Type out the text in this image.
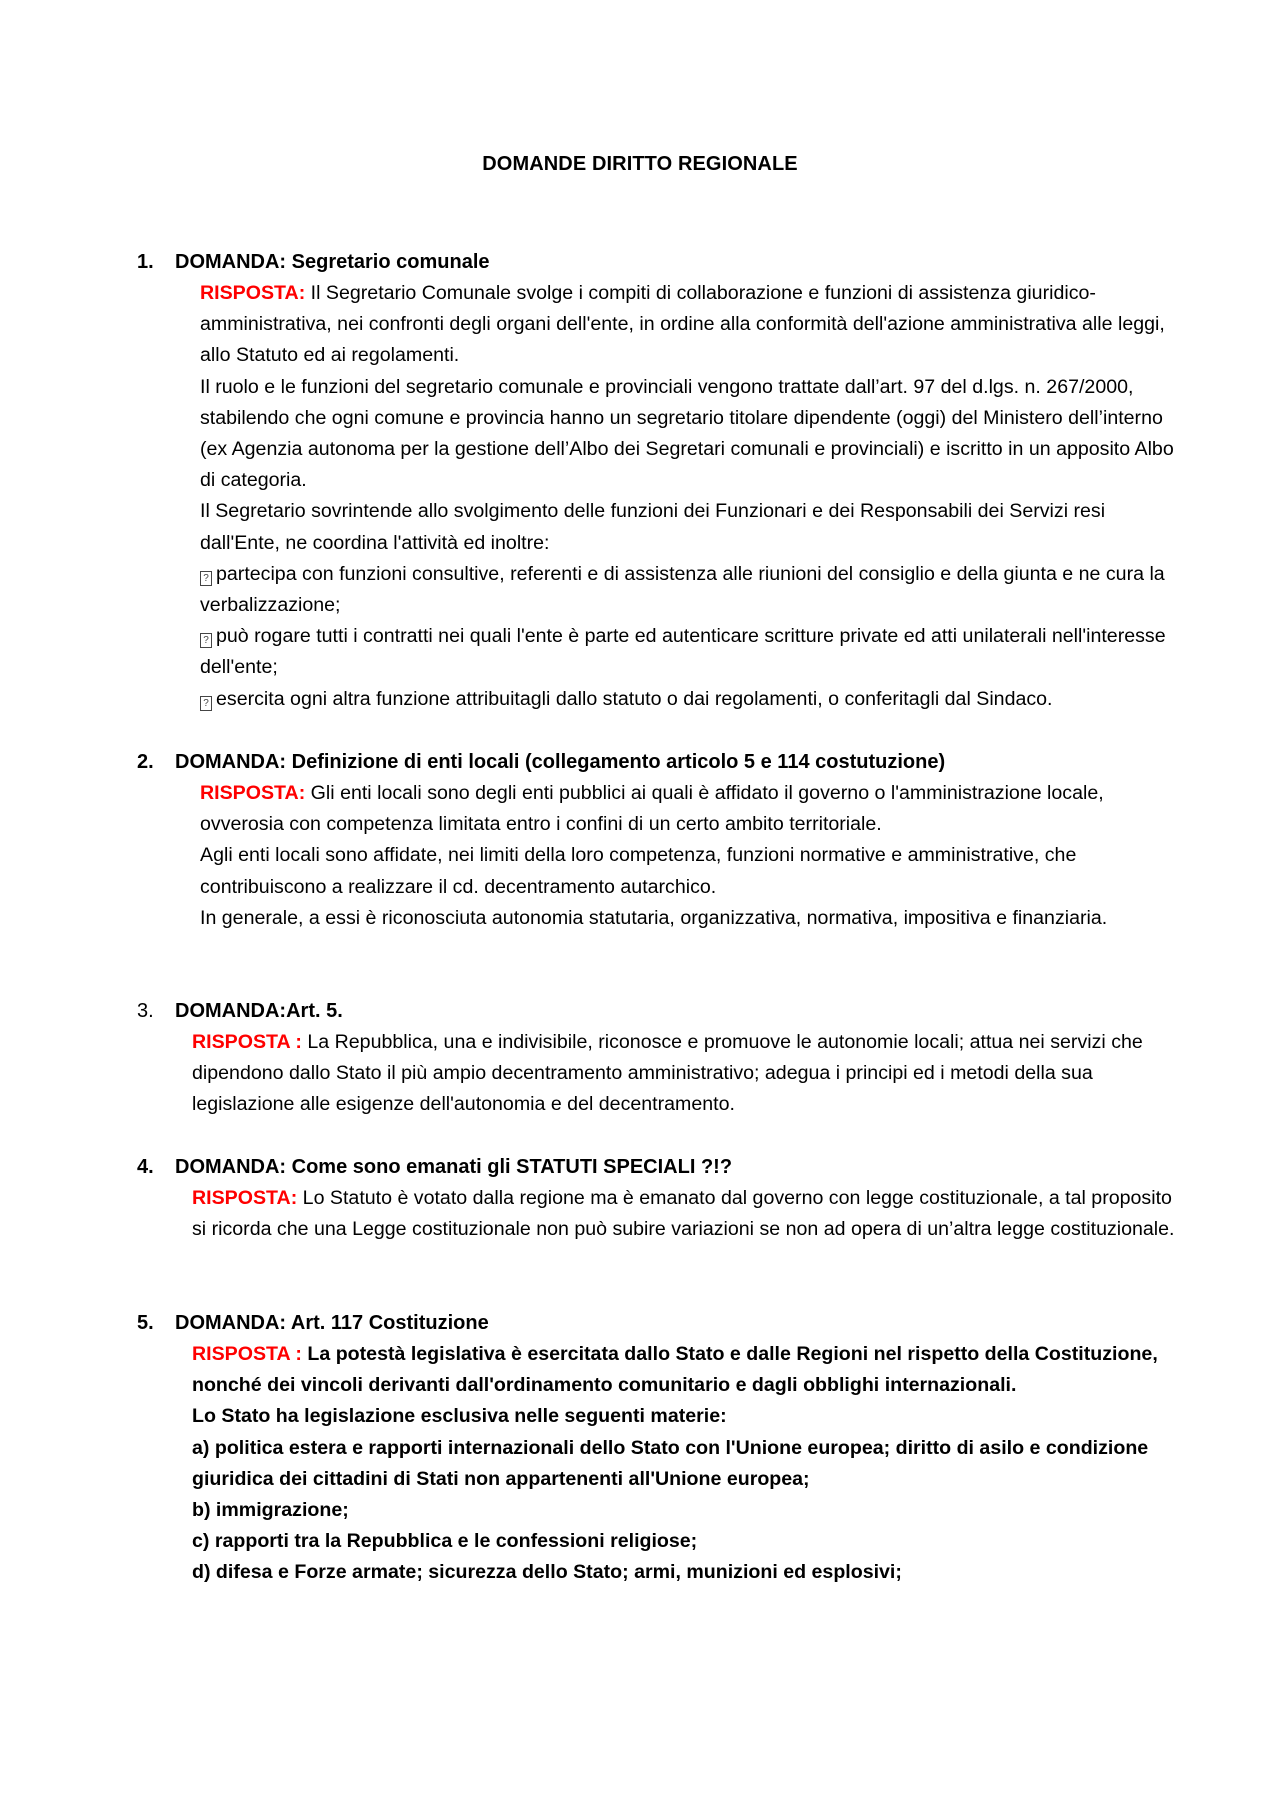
DOMANDE DIRITTO REGIONALE
1. DOMANDA: Segretario comunale

RISPOSTA: Il Segretario Comunale svolge i compiti di collaborazione e funzioni di assistenza giuridico-amministrativa, nei confronti degli organi dell'ente, in ordine alla conformità dell'azione amministrativa alle leggi, allo Statuto ed ai regolamenti.

Il ruolo e le funzioni del segretario comunale e provinciali vengono trattate dall’art. 97 del d.lgs. n. 267/2000, stabilendo che ogni comune e provincia hanno un segretario titolare dipendente (oggi) del Ministero dell’interno (ex Agenzia autonoma per la gestione dell’Albo dei Segretari comunali e provinciali) e iscritto in un apposito Albo di categoria.

Il Segretario sovrintende allo svolgimento delle funzioni dei Funzionari e dei Responsabili dei Servizi resi dall'Ente, ne coordina l'attività ed inoltre:

? partecipa con funzioni consultive, referenti e di assistenza alle riunioni del consiglio e della giunta e ne cura la verbalizzazione;

? può rogare tutti i contratti nei quali l'ente è parte ed autenticare scritture private ed atti unilaterali nell'interesse dell'ente;

? esercita ogni altra funzione attribuitagli dallo statuto o dai regolamenti, o conferitagli dal Sindaco.

2. DOMANDA: Definizione di enti locali (collegamento articolo 5 e 114 costutuzione)

RISPOSTA: Gli enti locali sono degli enti pubblici ai quali è affidato il governo o l'amministrazione locale, ovverosia con competenza limitata entro i confini di un certo ambito territoriale.

Agli enti locali sono affidate, nei limiti della loro competenza, funzioni normative e amministrative, che contribuiscono a realizzare il cd. decentramento autarchico.

In generale, a essi è riconosciuta autonomia statutaria, organizzativa, normativa, impositiva e finanziaria.

3. DOMANDA:Art. 5.

RISPOSTA : La Repubblica, una e indivisibile, riconosce e promuove le autonomie locali; attua nei servizi che dipendono dallo Stato il più ampio decentramento amministrativo; adegua i principi ed i metodi della sua legislazione alle esigenze dell'autonomia e del decentramento.

4. DOMANDA: Come sono emanati gli STATUTI SPECIALI ?!?

RISPOSTA: Lo Statuto è votato dalla regione ma è emanato dal governo con legge costituzionale, a tal proposito si ricorda che una Legge costituzionale non può subire variazioni se non ad opera di un’altra legge costituzionale.

5. DOMANDA: Art. 117 Costituzione

RISPOSTA : La potestà legislativa è esercitata dallo Stato e dalle Regioni nel rispetto della Costituzione, nonché dei vincoli derivanti dall'ordinamento comunitario e dagli obblighi internazionali.

Lo Stato ha legislazione esclusiva nelle seguenti materie:

a) politica estera e rapporti internazionali dello Stato con l'Unione europea; diritto di asilo e condizione giuridica dei cittadini di Stati non appartenenti all'Unione europea;

b) immigrazione;

c) rapporti tra la Repubblica e le confessioni religiose;

d) difesa e Forze armate; sicurezza dello Stato; armi, munizioni ed esplosivi;
